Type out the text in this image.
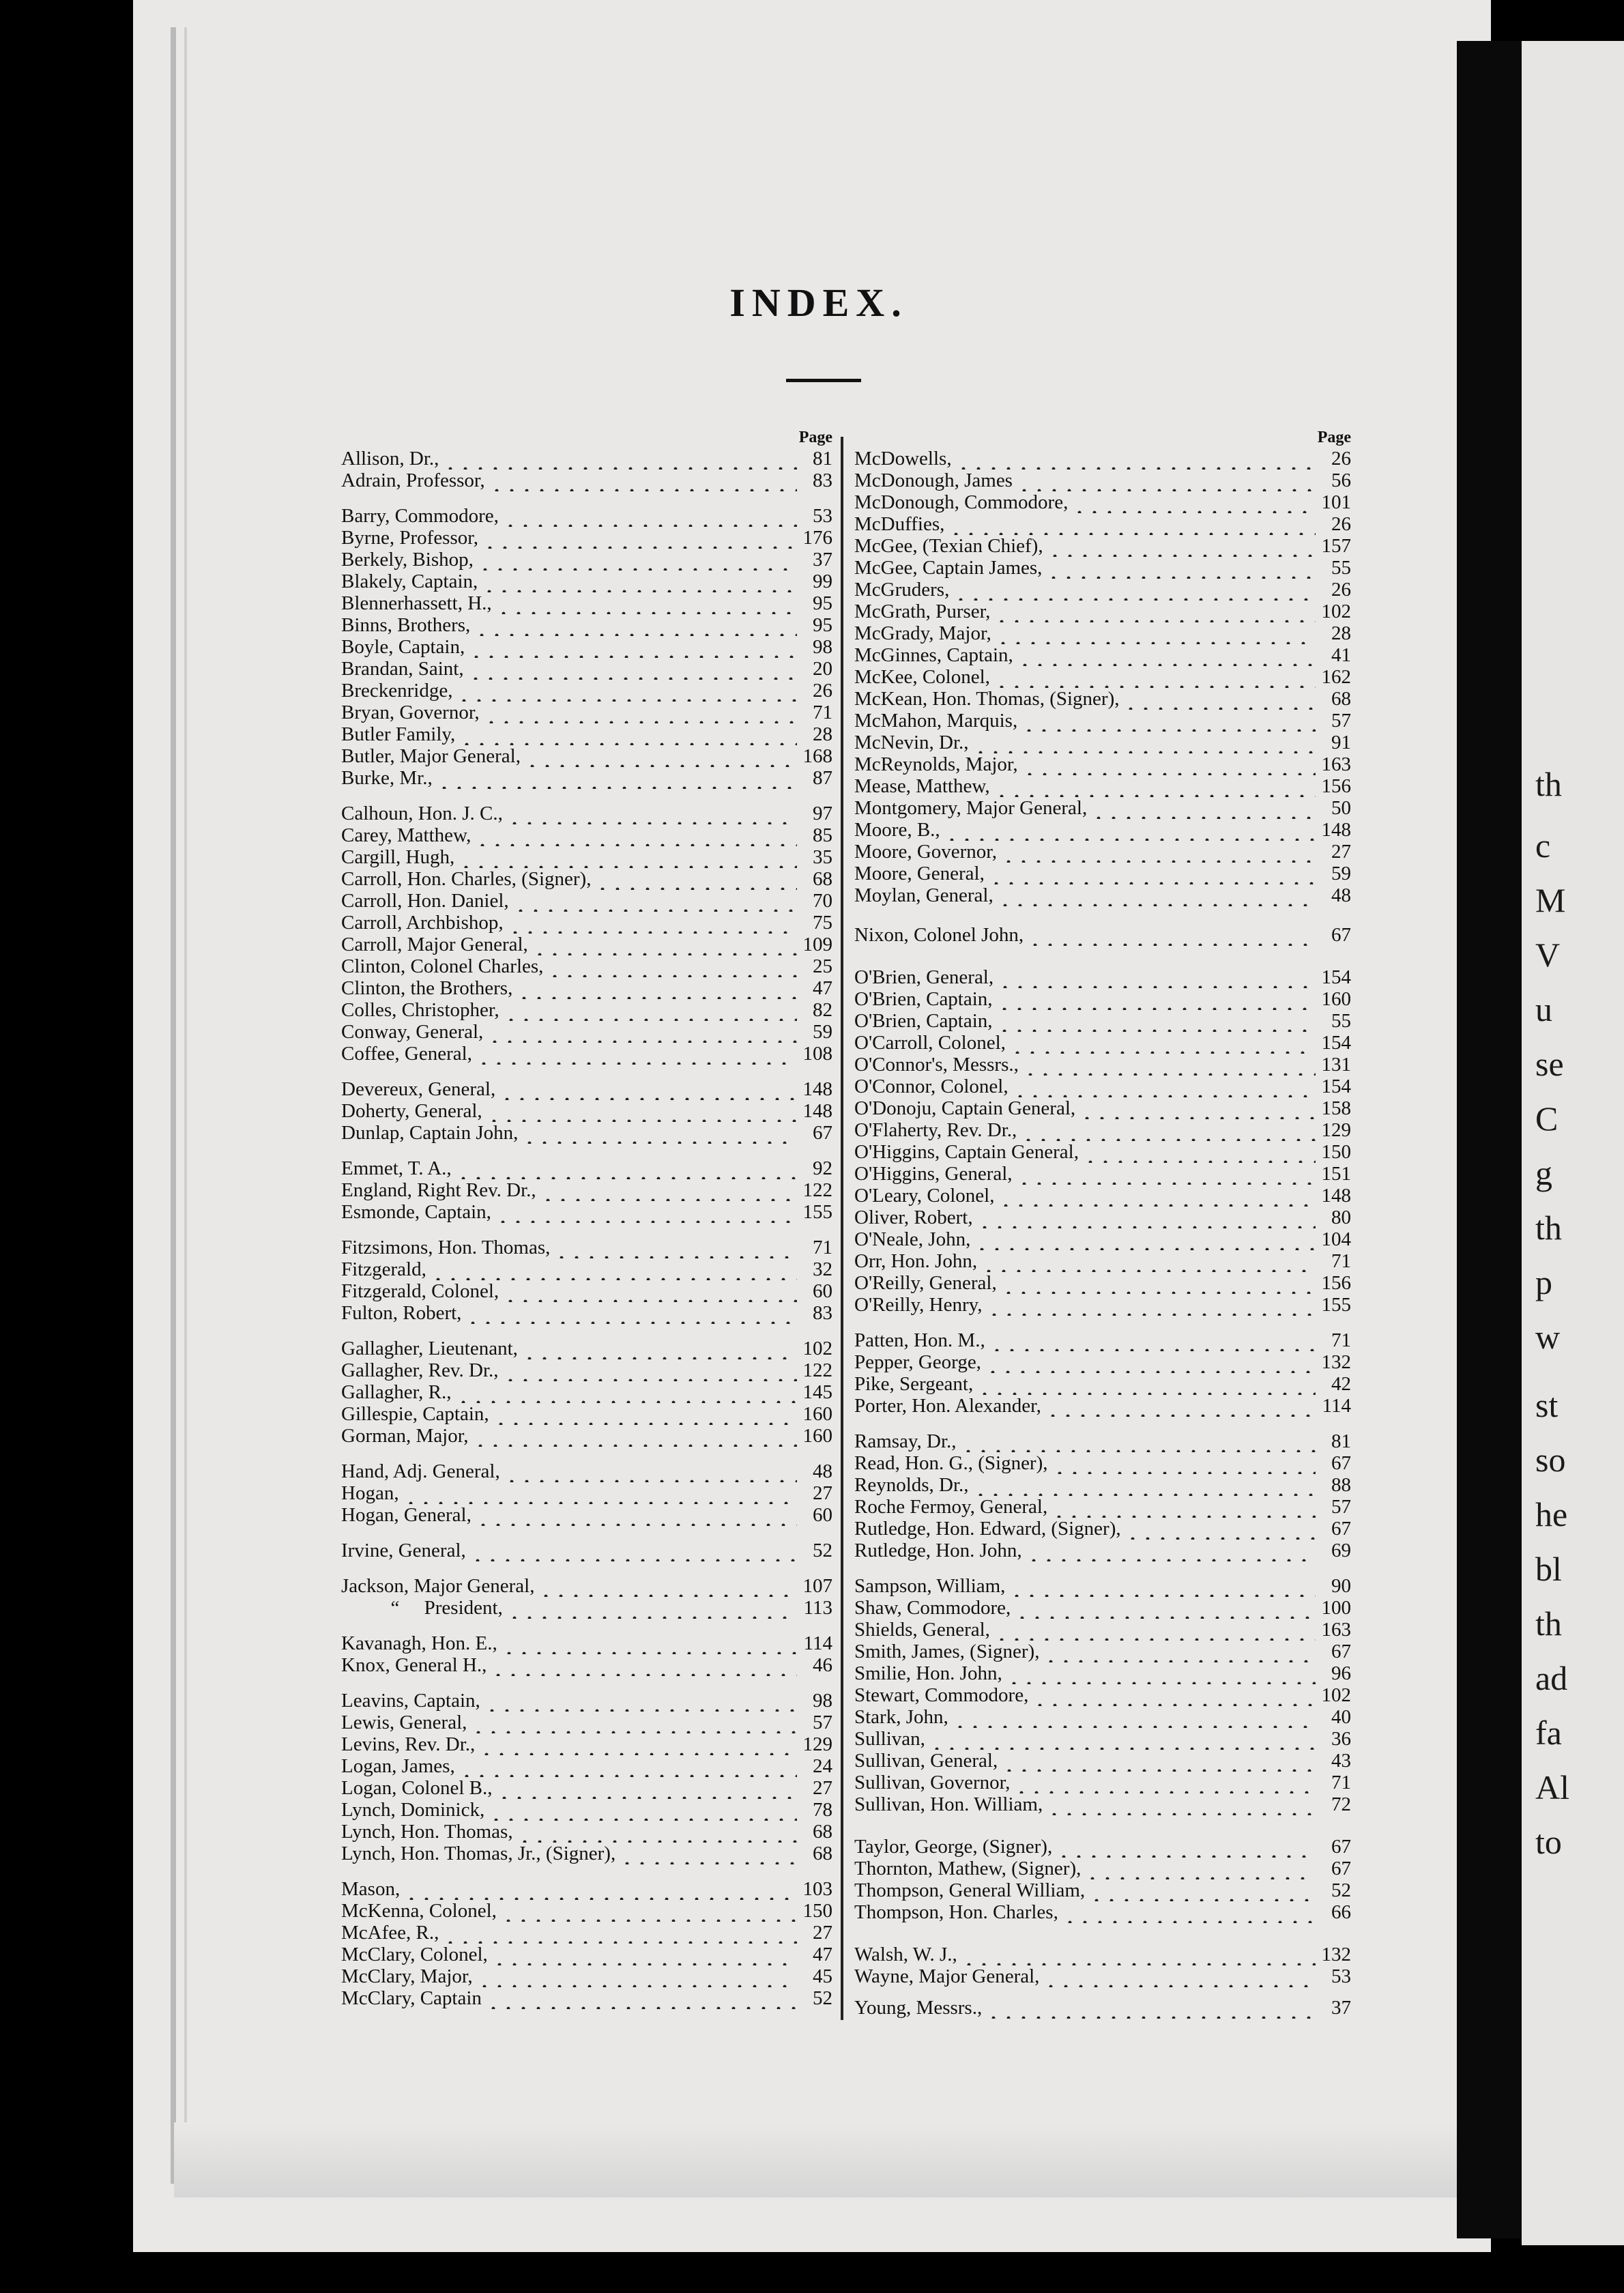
th
c
M
V
u
se
C
g
th
p
w
st
so
he
bl
th
ad
fa
Al
to
INDEX.
Page
Allison, Dr.,	81
Adrain, Professor,	83
Barry, Commodore,	53
Byrne, Professor,	176
Berkely, Bishop,	37
Blakely, Captain,	99
Blennerhassett, H.,	95
Binns, Brothers,	95
Boyle, Captain,	98
Brandan, Saint,	20
Breckenridge,	26
Bryan, Governor,	71
Butler Family,	28
Butler, Major General,	168
Burke, Mr.,	87
Calhoun, Hon. J. C.,	97
Carey, Matthew,	85
Cargill, Hugh,	35
Carroll, Hon. Charles, (Signer),	68
Carroll, Hon. Daniel,	70
Carroll, Archbishop,	75
Carroll, Major General,	109
Clinton, Colonel Charles,	25
Clinton, the Brothers,	47
Colles, Christopher,	82
Conway, General,	59
Coffee, General,	108
Devereux, General,	148
Doherty, General,	148
Dunlap, Captain John,	67
Emmet, T. A.,	92
England, Right Rev. Dr.,	122
Esmonde, Captain,	155
Fitzsimons, Hon. Thomas,	71
Fitzgerald,	32
Fitzgerald, Colonel,	60
Fulton, Robert,	83
Gallagher, Lieutenant,	102
Gallagher, Rev. Dr.,	122
Gallagher, R.,	145
Gillespie, Captain,	160
Gorman, Major,	160
Hand, Adj. General,	48
Hogan,	27
Hogan, General,	60
Irvine, General,	52
Jackson, Major General,	107
“     President,	113
Kavanagh, Hon. E.,	114
Knox, General H.,	46
Leavins, Captain,	98
Lewis, General,	57
Levins, Rev. Dr.,	129
Logan, James,	24
Logan, Colonel B.,	27
Lynch, Dominick,	78
Lynch, Hon. Thomas,	68
Lynch, Hon. Thomas, Jr., (Signer),	68
Mason,	103
McKenna, Colonel,	150
McAfee, R.,	27
McClary, Colonel,	47
McClary, Major,	45
McClary, Captain	52
Page
McDowells,	26
McDonough, James	56
McDonough, Commodore,	101
McDuffies,	26
McGee, (Texian Chief),	157
McGee, Captain James,	55
McGruders,	26
McGrath, Purser,	102
McGrady, Major,	28
McGinnes, Captain,	41
McKee, Colonel,	162
McKean, Hon. Thomas, (Signer),	68
McMahon, Marquis,	57
McNevin, Dr.,	91
McReynolds, Major,	163
Mease, Matthew,	156
Montgomery, Major General,	50
Moore, B.,	148
Moore, Governor,	27
Moore, General,	59
Moylan, General,	48
Nixon, Colonel John,	67
O'Brien, General,	154
O'Brien, Captain,	160
O'Brien, Captain,	55
O'Carroll, Colonel,	154
O'Connor's, Messrs.,	131
O'Connor, Colonel,	154
O'Donoju, Captain General,	158
O'Flaherty, Rev. Dr.,	129
O'Higgins, Captain General,	150
O'Higgins, General,	151
O'Leary, Colonel,	148
Oliver, Robert,	80
O'Neale, John,	104
Orr, Hon. John,	71
O'Reilly, General,	156
O'Reilly, Henry,	155
Patten, Hon. M.,	71
Pepper, George,	132
Pike, Sergeant,	42
Porter, Hon. Alexander,	114
Ramsay, Dr.,	81
Read, Hon. G., (Signer),	67
Reynolds, Dr.,	88
Roche Fermoy, General,	57
Rutledge, Hon. Edward, (Signer),	67
Rutledge, Hon. John,	69
Sampson, William,	90
Shaw, Commodore,	100
Shields, General,	163
Smith, James, (Signer),	67
Smilie, Hon. John,	96
Stewart, Commodore,	102
Stark, John,	40
Sullivan,	36
Sullivan, General,	43
Sullivan, Governor,	71
Sullivan, Hon. William,	72
Taylor, George, (Signer),	67
Thornton, Mathew, (Signer),	67
Thompson, General William,	52
Thompson, Hon. Charles,	66
Walsh, W. J.,	132
Wayne, Major General,	53
Young, Messrs.,	37
